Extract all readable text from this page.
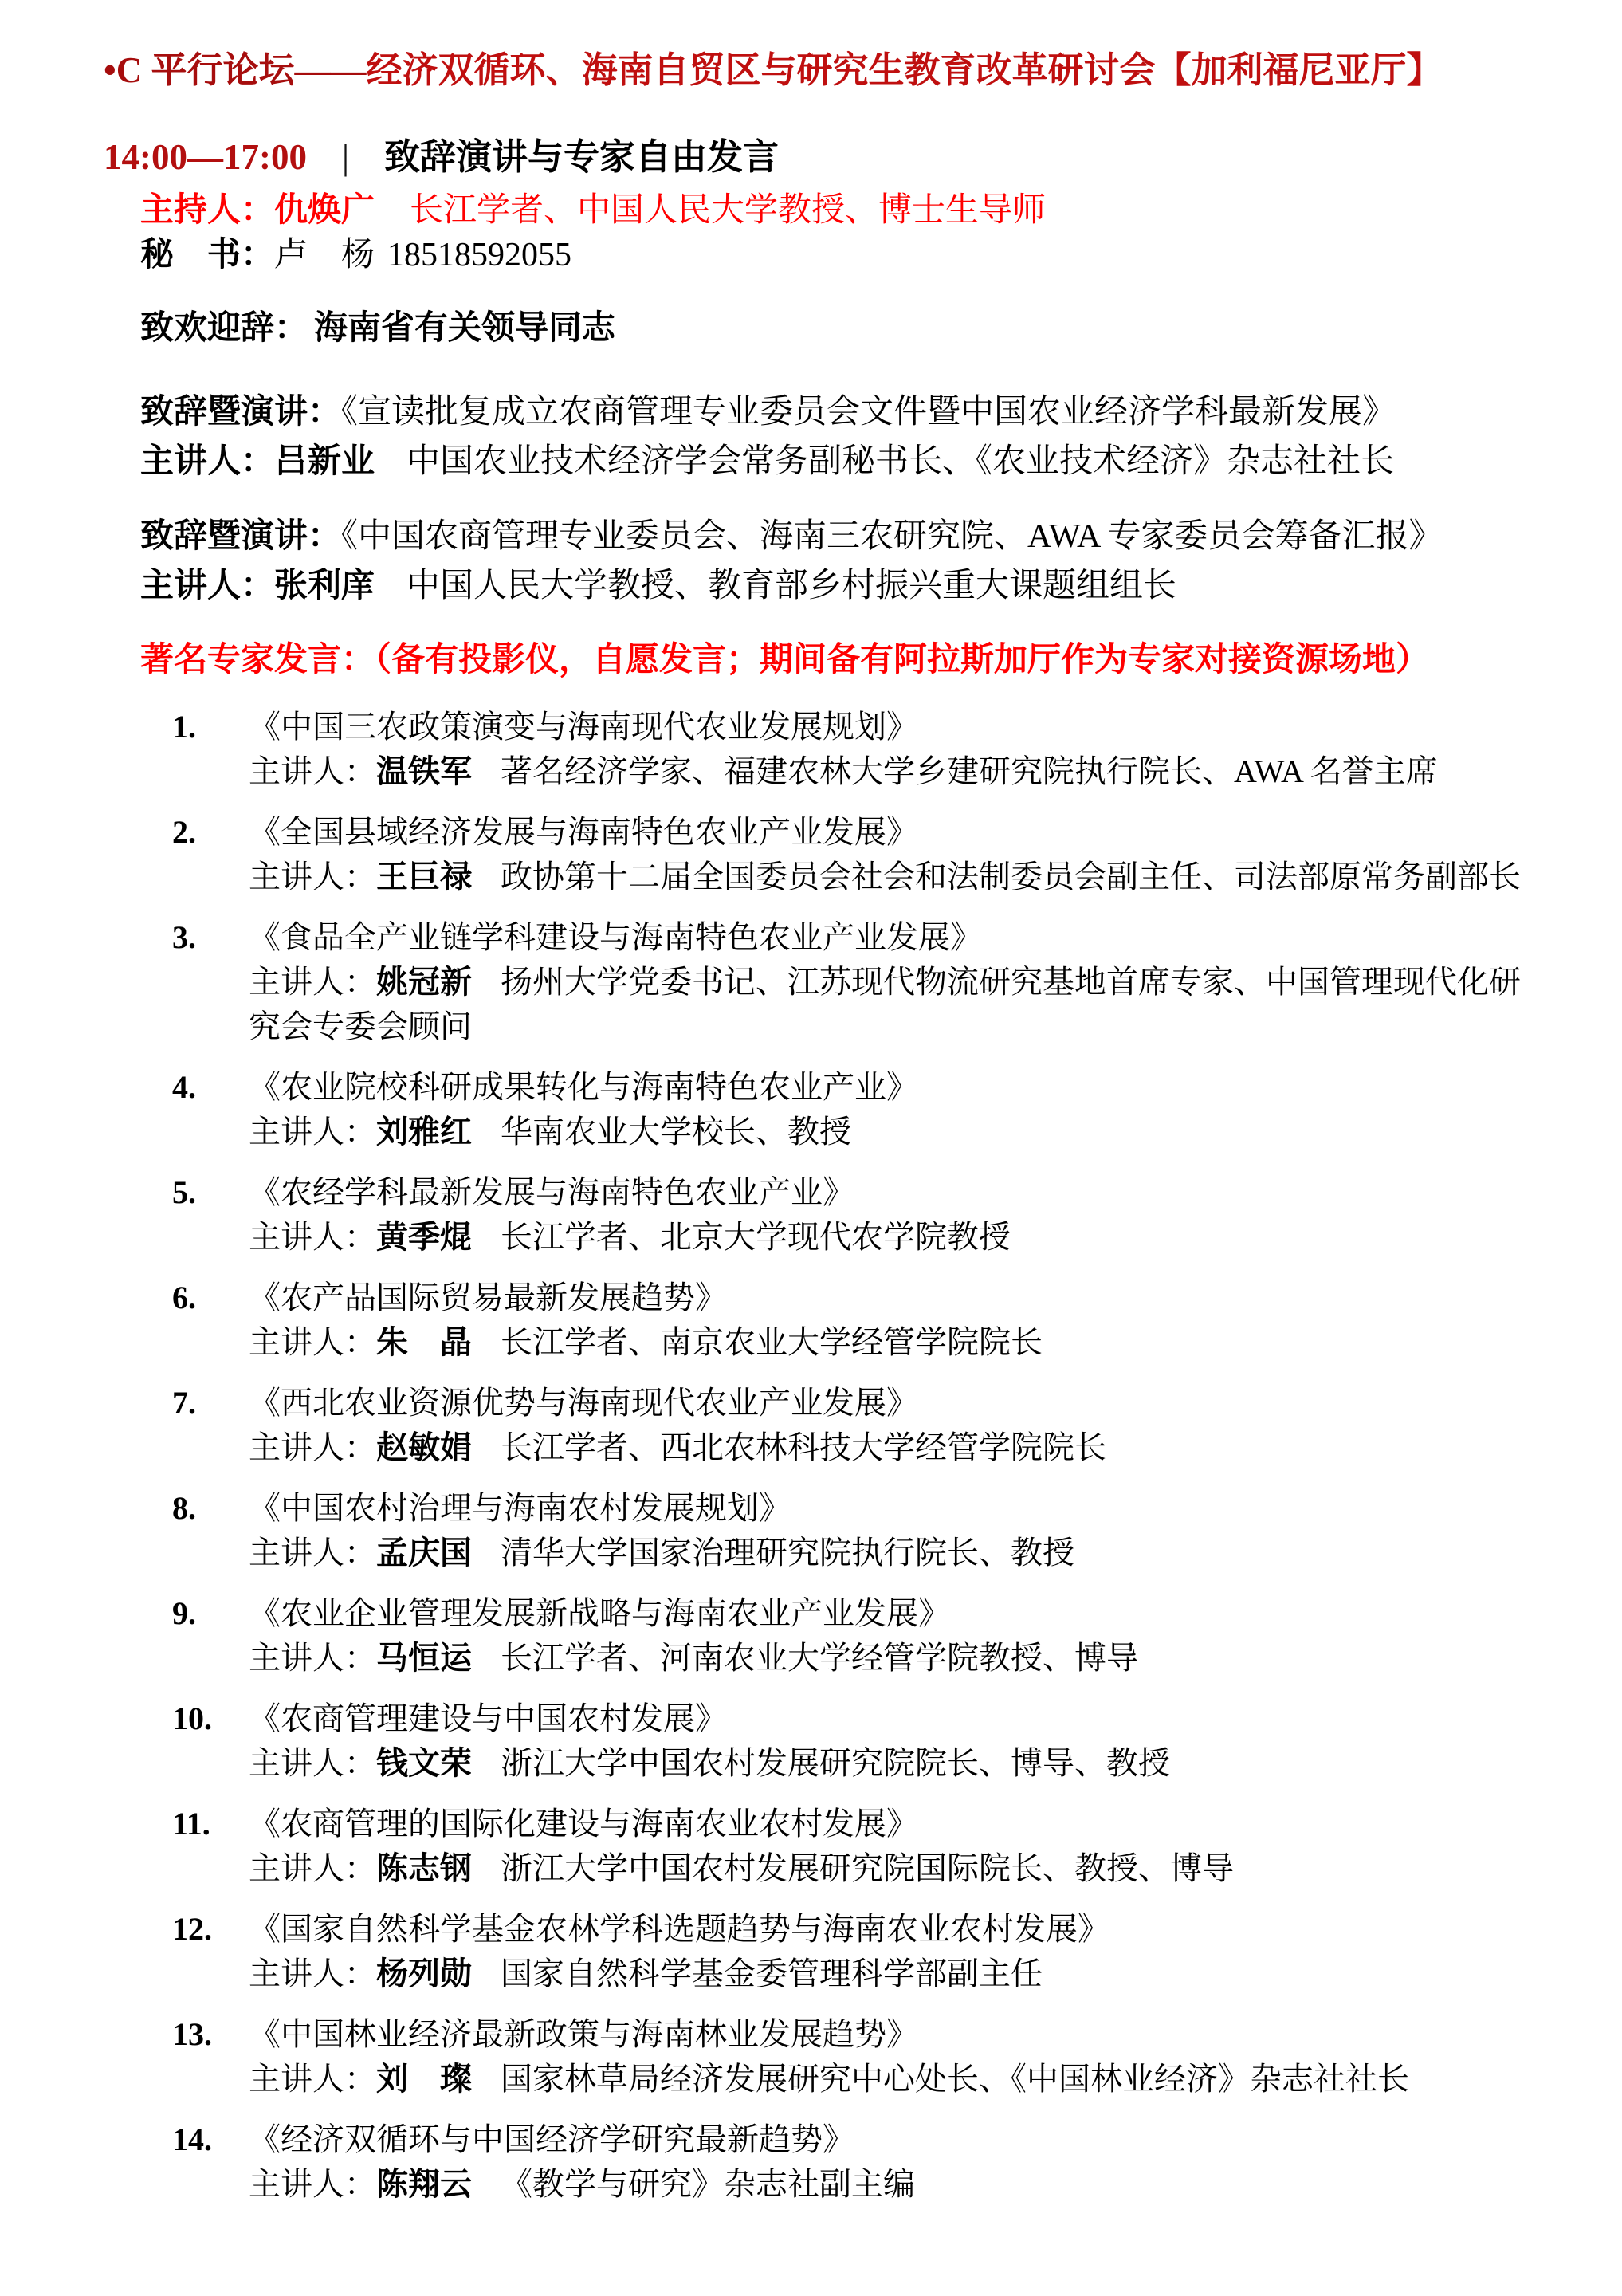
•C 平行论坛——经济双循环、海南自贸区与研究生教育改革研讨会【加利福尼亚厅】
14:00—17:00 | 致辞演讲与专家自由发言
主持人：仇焕广 长江学者、中国人民大学教授、博士生导师
秘　书：卢　杨 18518592055
致欢迎辞： 海南省有关领导同志
致辞暨演讲：《宣读批复成立农商管理专业委员会文件暨中国农业经济学科最新发展》
主讲人：吕新业 中国农业技术经济学会常务副秘书长、《农业技术经济》杂志社社长
致辞暨演讲：《中国农商管理专业委员会、海南三农研究院、AWA 专家委员会筹备汇报》
主讲人：张利庠 中国人民大学教授、教育部乡村振兴重大课题组组长
著名专家发言：（备有投影仪，自愿发言；期间备有阿拉斯加厅作为专家对接资源场地）
1.	《中国三农政策演变与海南现代农业发展规划》
主讲人：温铁军 著名经济学家、福建农林大学乡建研究院执行院长、AWA 名誉主席
2.	《全国县域经济发展与海南特色农业产业发展》
主讲人：王巨禄 政协第十二届全国委员会社会和法制委员会副主任、司法部原常务副部长
3.	《食品全产业链学科建设与海南特色农业产业发展》
主讲人：姚冠新 扬州大学党委书记、江苏现代物流研究基地首席专家、中国管理现代化研究会专委会顾问
4.	《农业院校科研成果转化与海南特色农业产业》
主讲人：刘雅红 华南农业大学校长、教授
5.	《农经学科最新发展与海南特色农业产业》
主讲人：黄季焜 长江学者、北京大学现代农学院教授
6.	《农产品国际贸易最新发展趋势》
主讲人：朱　晶 长江学者、南京农业大学经管学院院长
7.	《西北农业资源优势与海南现代农业产业发展》
主讲人：赵敏娟 长江学者、西北农林科技大学经管学院院长
8.	《中国农村治理与海南农村发展规划》
主讲人：孟庆国 清华大学国家治理研究院执行院长、教授
9.	《农业企业管理发展新战略与海南农业产业发展》
主讲人：马恒运 长江学者、河南农业大学经管学院教授、博导
10.	《农商管理建设与中国农村发展》
主讲人：钱文荣 浙江大学中国农村发展研究院院长、博导、教授
11.	《农商管理的国际化建设与海南农业农村发展》
主讲人：陈志钢 浙江大学中国农村发展研究院国际院长、教授、博导
12.	《国家自然科学基金农林学科选题趋势与海南农业农村发展》
主讲人：杨列勋 国家自然科学基金委管理科学部副主任
13.	《中国林业经济最新政策与海南林业发展趋势》
主讲人：刘　璨 国家林草局经济发展研究中心处长、《中国林业经济》杂志社社长
14.	《经济双循环与中国经济学研究最新趋势》
主讲人：陈翔云 《教学与研究》杂志社副主编
